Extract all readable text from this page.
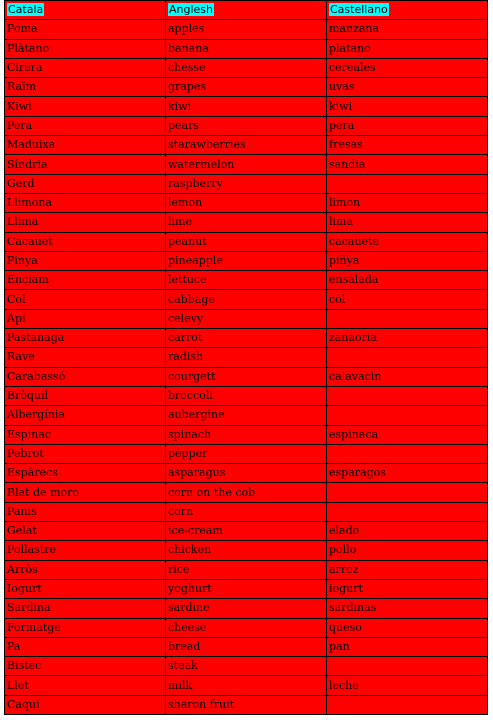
Catala	Anglesh	Castellano
Poma	apples	manzana
Plàtano	banana	platano
Cirera	chesse	cereales
Raïm	grapes	uvas
Kiwi	kiwi	kiwi
Pera	pears	pera
Maduixa	starawberries	fresas
Síndria	watermelon	sandia
Gerd	raspberry	
Llimona	lemon	limon
Llima	lime	lima
Cacauet	peanut	cacauete
Pinya	pineapple	piñya
Enciam	lettuce	ensalada
Col	cabbage	col
Api	celevy	
Pastanaga	carrot	zanaoria
Rave	radish	
Carabassó	courgett	calavacin
Bròquil	broccoli	
Albergínia	aubergine	
Espinac	spinach	espinaca
Pebrot	pepper	
Espàrecs	asparagus	esparagos
Blat de moro	corn on the cob	
Panis	corn	
Gelat	ice-cream	elado
Pollastre	chicken	pollo
Arròs	rice	arroz
Iogurt	yoghurt	iogurt
Sardina	sardine	sardinas
Formatge	cheese	queso
Pa	bread	pan
Bistec	steak	
Llet	milk	leche
Caqui	sharon fruit	
